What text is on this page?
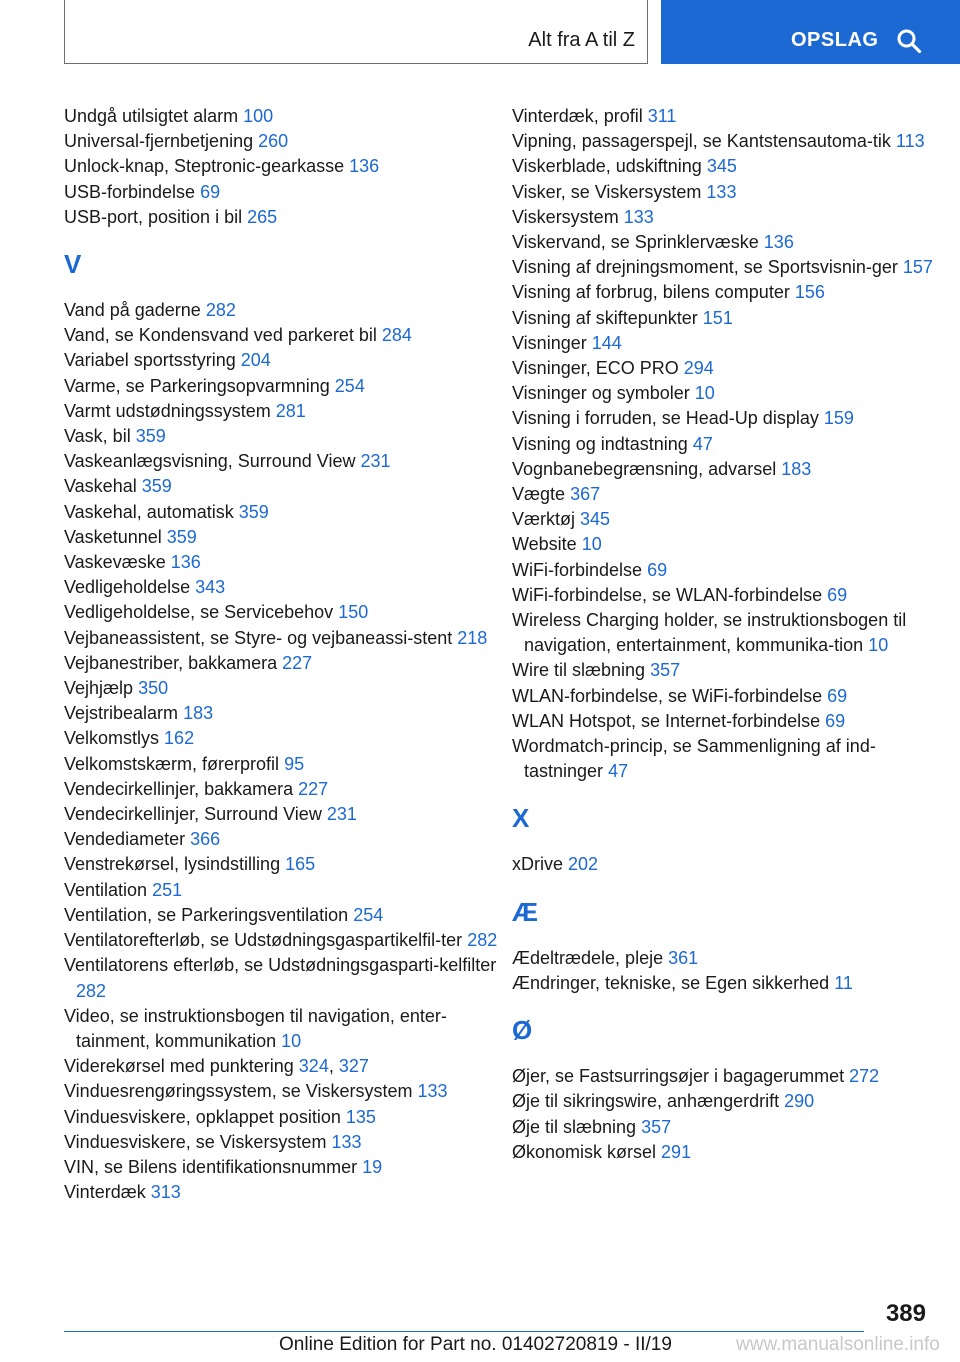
Alt fra A til Z	OPSLAG
Undgå utilsigtet alarm 100
Universal-fjernbetjening 260
Unlock-knap, Steptronic-gearkasse 136
USB-forbindelse 69
USB-port, position i bil 265
V
Vand på gaderne 282
Vand, se Kondensvand ved parkeret bil 284
Variabel sportsstyring 204
Varme, se Parkeringsopvarmning 254
Varmt udstødningssystem 281
Vask, bil 359
Vaskeanlægsvisning, Surround View 231
Vaskehal 359
Vaskehal, automatisk 359
Vasketunnel 359
Vaskevæske 136
Vedligeholdelse 343
Vedligeholdelse, se Servicebehov 150
Vejbaneassistent, se Styre- og vejbaneassi-stent 218
Vejbanestriber, bakkamera 227
Vejhjælp 350
Vejstribealarm 183
Velkomstlys 162
Velkomstskærm, førerprofil 95
Vendecirkellinjer, bakkamera 227
Vendecirkellinjer, Surround View 231
Vendediameter 366
Venstrekørsel, lysindstilling 165
Ventilation 251
Ventilation, se Parkeringsventilation 254
Ventilatorefterløb, se Udstødningsgaspartikelfil-ter 282
Ventilatorens efterløb, se Udstødningsgasparti-kelfilter 282
Video, se instruktionsbogen til navigation, enter-tainment, kommunikation 10
Viderekørsel med punktering 324, 327
Vinduesrengøringssystem, se Viskersystem 133
Vinduesviskere, opklappet position 135
Vinduesviskere, se Viskersystem 133
VIN, se Bilens identifikationsnummer 19
Vinterdæk 313
Vinterdæk, profil 311
Vipning, passagerspejl, se Kantstensautoma-tik 113
Viskerblade, udskiftning 345
Visker, se Viskersystem 133
Viskersystem 133
Viskervand, se Sprinklervæske 136
Visning af drejningsmoment, se Sportsvisnin-ger 157
Visning af forbrug, bilens computer 156
Visning af skiftepunkter 151
Visninger 144
Visninger, ECO PRO 294
Visninger og symboler 10
Visning i forruden, se Head-Up display 159
Visning og indtastning 47
Vognbanebegrænsning, advarsel 183
Vægte 367
Værktøj 345
Website 10
WiFi-forbindelse 69
WiFi-forbindelse, se WLAN-forbindelse 69
Wireless Charging holder, se instruktionsbogen til navigation, entertainment, kommunika-tion 10
Wire til slæbning 357
WLAN-forbindelse, se WiFi-forbindelse 69
WLAN Hotspot, se Internet-forbindelse 69
Wordmatch-princip, se Sammenligning af ind-tastninger 47
X
xDrive 202
Æ
Ædeltrædele, pleje 361
Ændringer, tekniske, se Egen sikkerhed 11
Ø
Øjer, se Fastsurringsøjer i bagagerummet 272
Øje til sikringswire, anhængerdrift 290
Øje til slæbning 357
Økonomisk kørsel 291
389
Online Edition for Part no. 01402720819 - II/19	www.manualsonline.info
